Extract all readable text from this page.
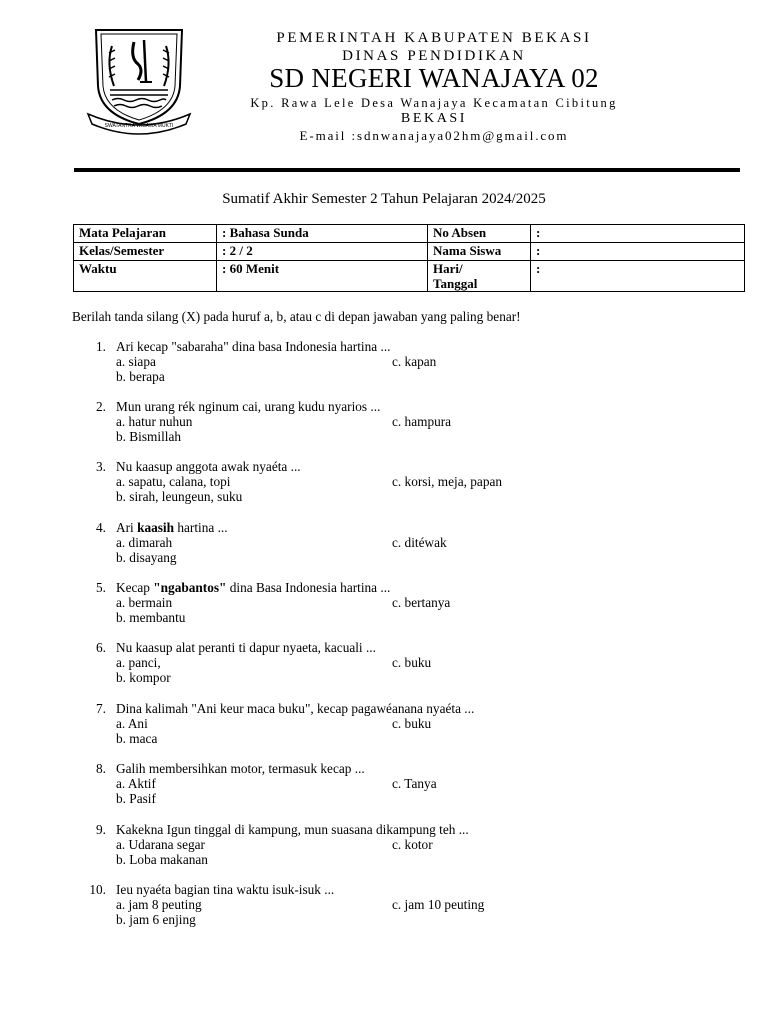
SWATANTRA WIBAWA MUKTI
PEMERINTAH KABUPATEN BEKASI
DINAS PENDIDIKAN
SD NEGERI WANAJAYA 02
Kp. Rawa Lele Desa Wanajaya Kecamatan Cibitung
BEKASI
E-mail :sdnwanajaya02hm@gmail.com
Sumatif Akhir Semester 2 Tahun Pelajaran 2024/2025
Mata Pelajaran	: Bahasa Sunda	No Absen	:
Kelas/Semester	: 2 / 2	Nama Siswa	:
Waktu	: 60 Menit	Hari/
Tanggal	:
Berilah tanda silang (X) pada huruf a, b, atau c di depan jawaban yang paling benar!
1. Ari kecap "sabaraha" dina basa Indonesia hartina ...
a. siapa
b. berapa
c. kapan
2. Mun urang rék nginum cai, urang kudu nyarios ...
a. hatur nuhun
b. Bismillah
c. hampura
3. Nu kaasup anggota awak nyaéta ...
a. sapatu, calana, topi
b. sirah, leungeun, suku
c. korsi, meja, papan
4. Ari kaasih hartina ...
a. dimarah
b. disayang
c. ditéwak
5. Kecap "ngabantos" dina Basa Indonesia hartina ...
a. bermain
b. membantu
c. bertanya
6. Nu kaasup alat peranti ti dapur nyaeta, kacuali ...
a. panci,
b. kompor
c. buku
7. Dina kalimah "Ani keur maca buku", kecap pagawéanana nyaéta ...
a. Ani
b. maca
c. buku
8. Galih membersihkan motor, termasuk kecap ...
a. Aktif
b. Pasif
c. Tanya
9. Kakekna Igun tinggal di kampung, mun suasana dikampung teh ...
a. Udarana segar
b. Loba makanan
c. kotor
10. Ieu nyaéta bagian tina waktu isuk-isuk ...
a. jam 8 peuting
b. jam 6 enjing
c. jam 10 peuting
